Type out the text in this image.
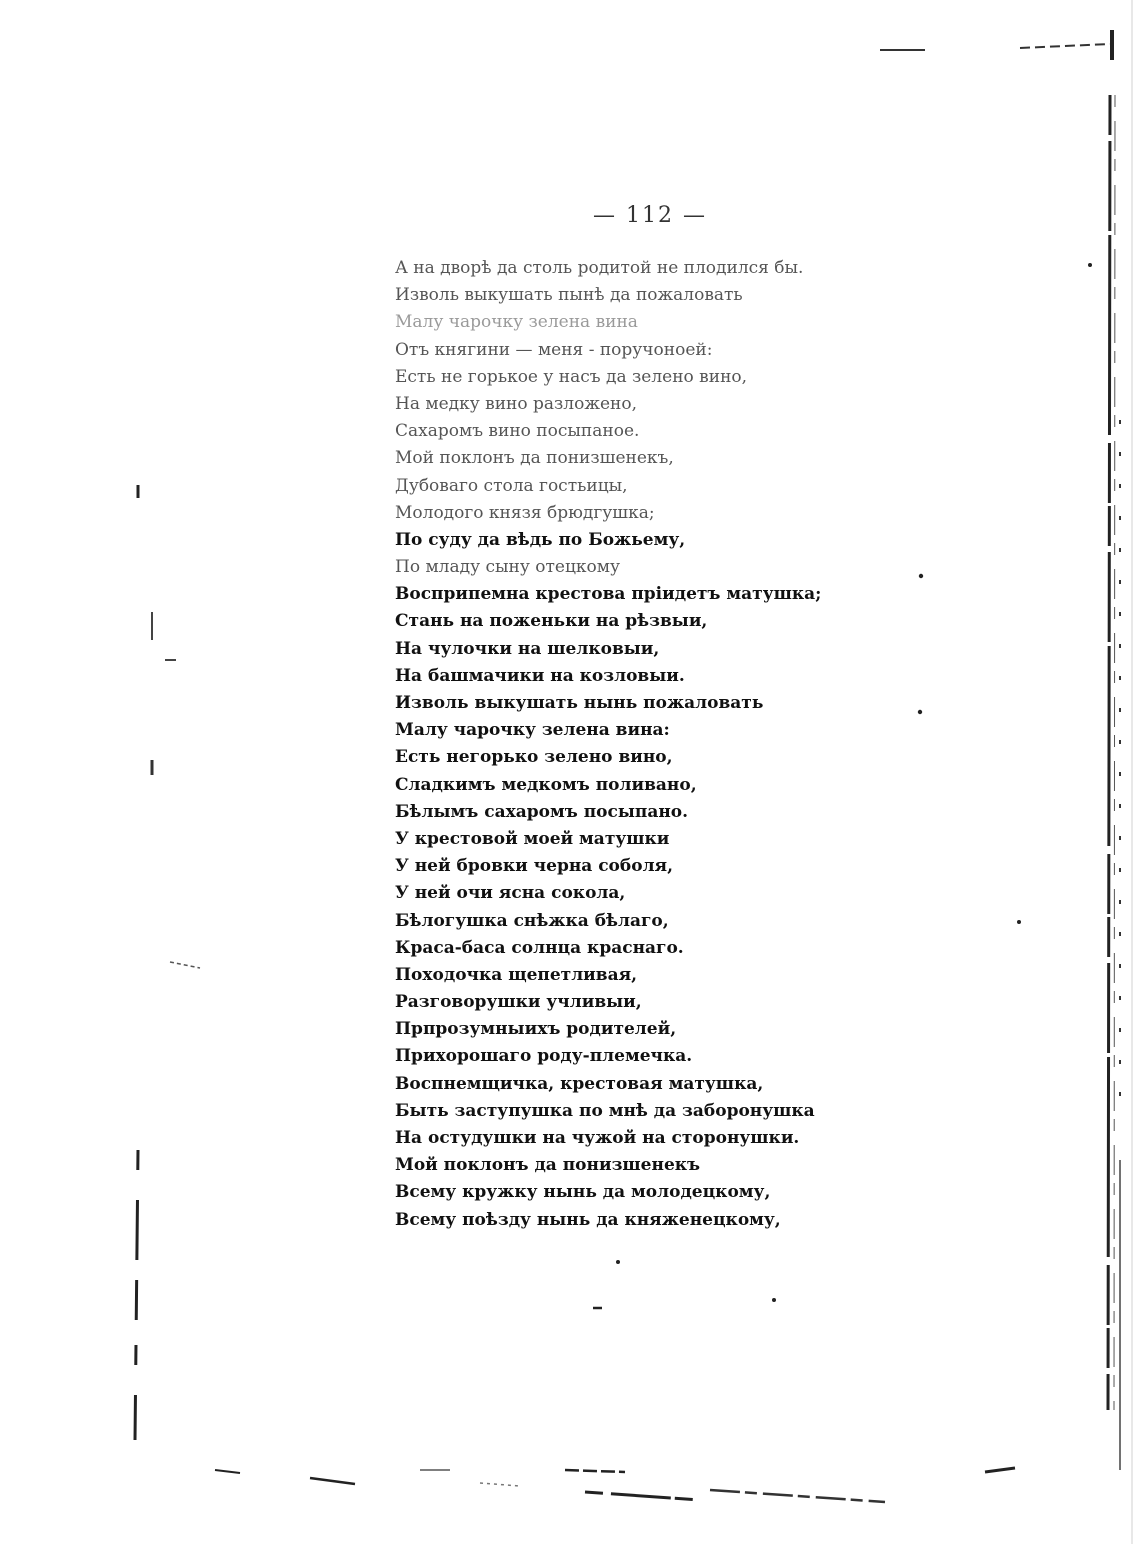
— 112 —
А на дворѣ да столь родитой не плодился бы.
Изволь выкушать пынѣ да пожаловать
Малу чарочку зелена вина
Отъ княгини — меня - поручоноей:
Есть не горькое у насъ да зелено вино,
На медку вино разложено,
Сахаромъ вино посыпаное.
Мой поклонъ да понизшенекъ,
Дубоваго стола гостьицы,
Молодого князя брюдгушка;
По суду да вѣдь по Божьему,
По младу сыну отецкому
Восприпемна крестова пріидетъ матушка;
Стань на поженьки на рѣзвыи,
На чулочки на шелковыи,
На башмачики на козловыи.
Изволь выкушать нынь пожаловать
Малу чарочку зелена вина:
Есть негорько зелено вино,
Сладкимъ медкомъ поливано,
Бѣлымъ сахаромъ посыпано.
У крестовой моей матушки
У ней бровки черна соболя,
У ней очи ясна сокола,
Бѣлогушка снѣжка бѣлаго,
Краса-баса солнца краснаго.
Походочка щепетливая,
Разговорушки учливыи,
Прпрозумныихъ родителей,
Прихорошаго роду-племечка.
Воспнемщичка, крестовая матушка,
Быть заступушка по мнѣ да заборонушка
На остудушки на чужой на сторонушки.
Мой поклонъ да понизшенекъ
Всему кружку нынь да молодецкому,
Всему поѣзду нынь да княженецкому,
